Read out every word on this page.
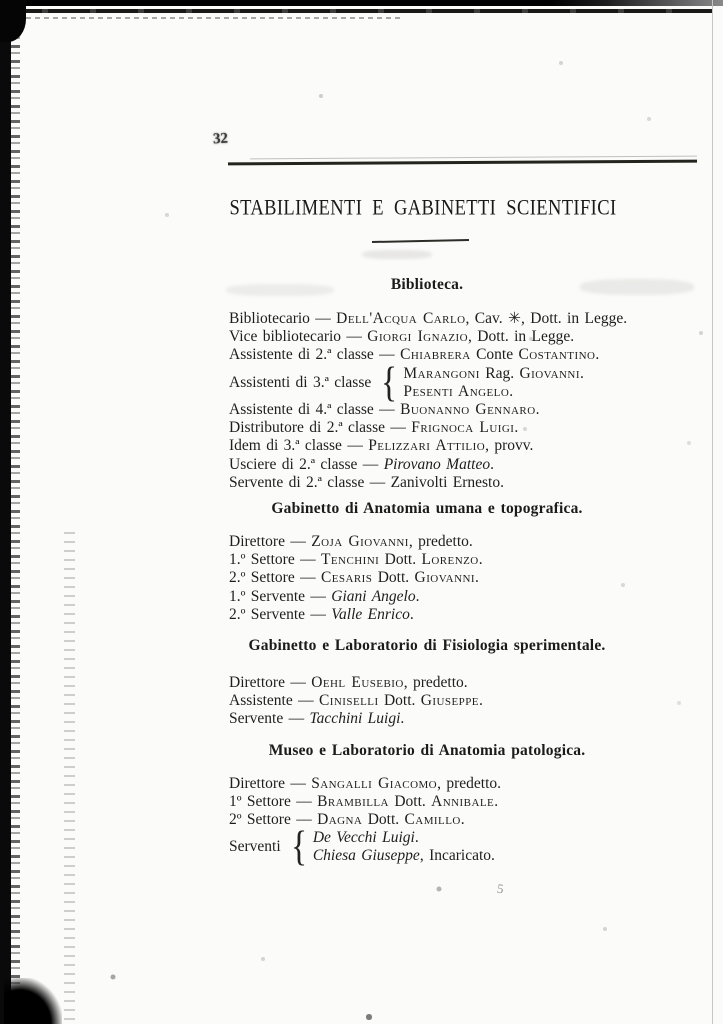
5
32
STABILIMENTI E GABINETTI SCIENTIFICI
Biblioteca.
Bibliotecario — Dell'Acqua Carlo, Cav. ✳, Dott. in Legge.
Vice bibliotecario — Giorgi Ignazio, Dott. in Legge.
Assistente di 2.ª classe — Chiabrera Conte Costantino.
Assistenti di 3.ª classe { Marangoni Rag. Giovanni.
Pesenti Angelo.
Assistente di 4.ª classe — Buonanno Gennaro.
Distributore di 2.ª classe — Frignoca Luigi.
Idem di 3.ª classe — Pelizzari Attilio, provv.
Usciere di 2.ª classe — Pirovano Matteo.
Servente di 2.ª classe — Zanivolti Ernesto.
Gabinetto di Anatomia umana e topografica.
Direttore — Zoja Giovanni, predetto.
1.º Settore — Tenchini Dott. Lorenzo.
2.º Settore — Cesaris Dott. Giovanni.
1.º Servente — Giani Angelo.
2.º Servente — Valle Enrico.
Gabinetto e Laboratorio di Fisiologia sperimentale.
Direttore — Oehl Eusebio, predetto.
Assistente — Ciniselli Dott. Giuseppe.
Servente — Tacchini Luigi.
Museo e Laboratorio di Anatomia patologica.
Direttore — Sangalli Giacomo, predetto.
1º Settore — Brambilla Dott. Annibale.
2º Settore — Dagna Dott. Camillo.
Serventi { De Vecchi Luigi.
Chiesa Giuseppe, Incaricato.
